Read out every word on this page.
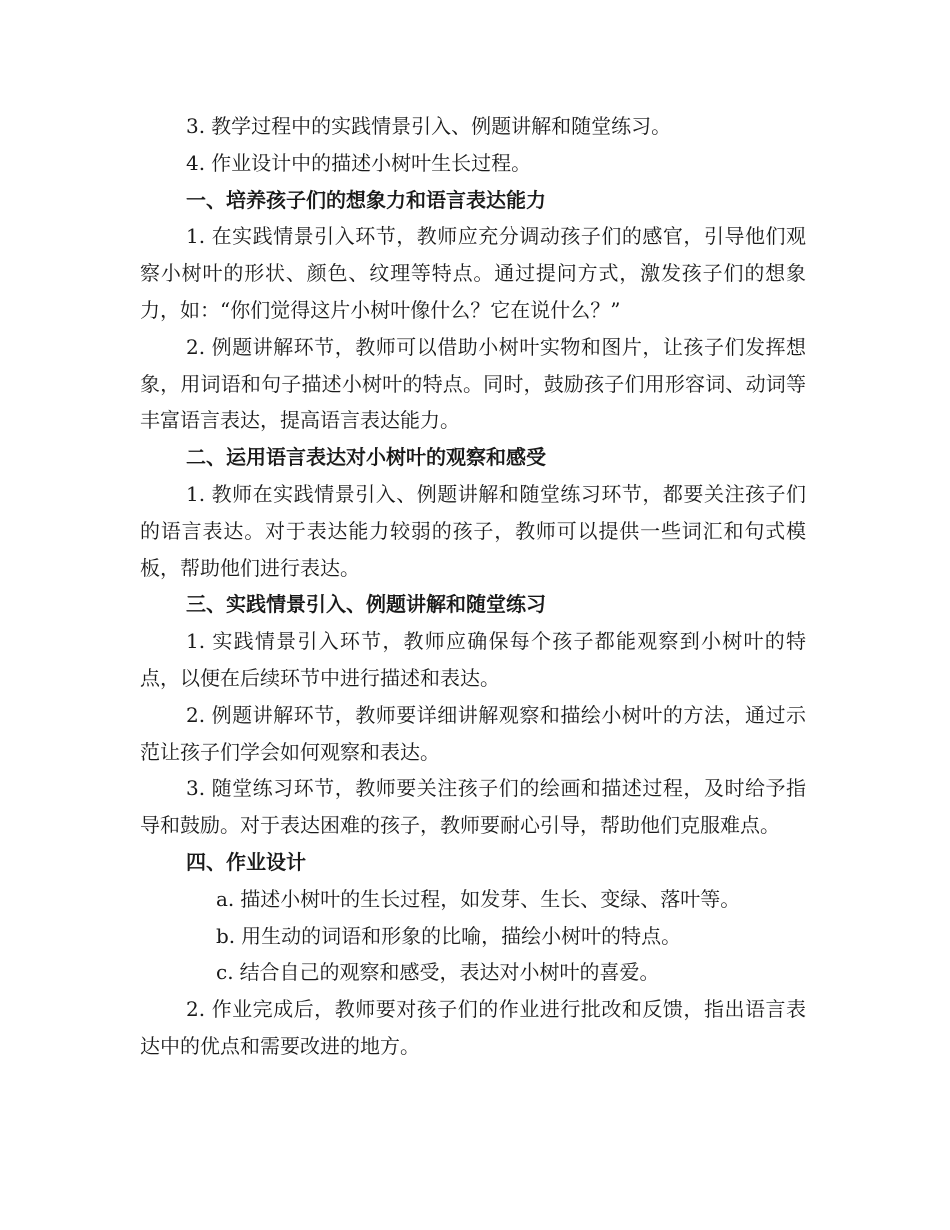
3. 教学过程中的实践情景引入、例题讲解和随堂练习。

4. 作业设计中的描述小树叶生长过程。

一、培养孩子们的想象力和语言表达能力

1. 在实践情景引入环节，教师应充分调动孩子们的感官，引导他们观察小树叶的形状、颜色、纹理等特点。通过提问方式，激发孩子们的想象力，如：“你们觉得这片小树叶像什么？它在说什么？”

2. 例题讲解环节，教师可以借助小树叶实物和图片，让孩子们发挥想象，用词语和句子描述小树叶的特点。同时，鼓励孩子们用形容词、动词等丰富语言表达，提高语言表达能力。

二、运用语言表达对小树叶的观察和感受

1. 教师在实践情景引入、例题讲解和随堂练习环节，都要关注孩子们的语言表达。对于表达能力较弱的孩子，教师可以提供一些词汇和句式模板，帮助他们进行表达。

三、实践情景引入、例题讲解和随堂练习

1. 实践情景引入环节，教师应确保每个孩子都能观察到小树叶的特点，以便在后续环节中进行描述和表达。

2. 例题讲解环节，教师要详细讲解观察和描绘小树叶的方法，通过示范让孩子们学会如何观察和表达。

3. 随堂练习环节，教师要关注孩子们的绘画和描述过程，及时给予指导和鼓励。对于表达困难的孩子，教师要耐心引导，帮助他们克服难点。

四、作业设计

a. 描述小树叶的生长过程，如发芽、生长、变绿、落叶等。

b. 用生动的词语和形象的比喻，描绘小树叶的特点。

c. 结合自己的观察和感受，表达对小树叶的喜爱。

2. 作业完成后，教师要对孩子们的作业进行批改和反馈，指出语言表达中的优点和需要改进的地方。
